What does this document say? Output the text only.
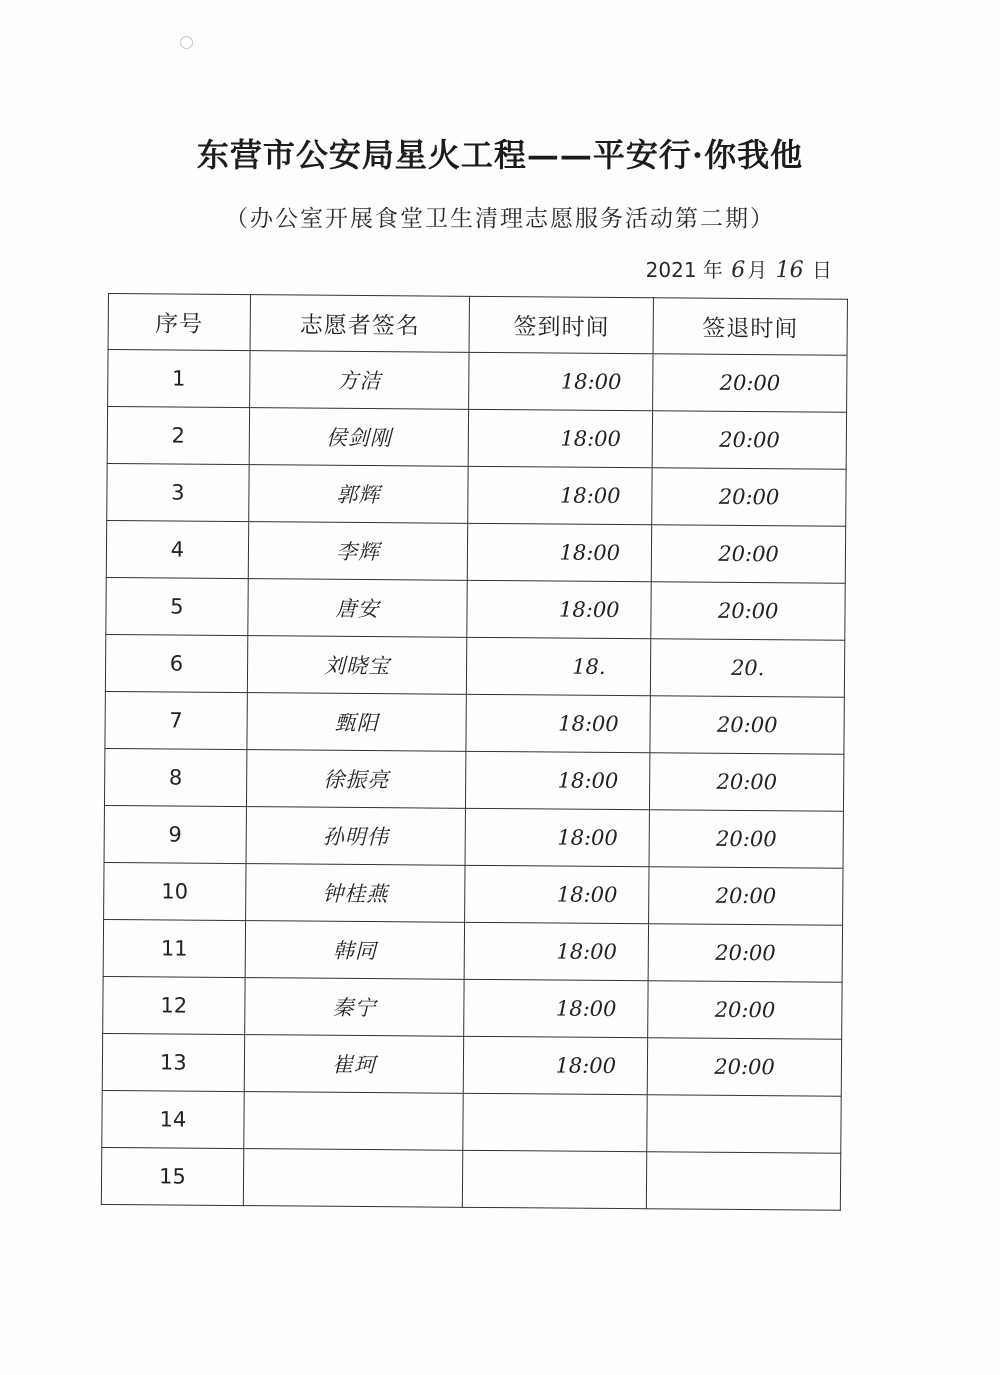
东营市公安局星火工程——平安行·你我他
（办公室开展食堂卫生清理志愿服务活动第二期）
2021 年 6 月 16 日
序号	志愿者签名	签到时间	签退时间
1	方洁	18:00	20:00
2	侯剑刚	18:00	20:00
3	郭辉	18:00	20:00
4	李辉	18:00	20:00
5	唐安	18:00	20:00
6	刘晓宝	18.	20.
7	甄阳	18:00	20:00
8	徐振亮	18:00	20:00
9	孙明伟	18:00	20:00
10	钟桂燕	18:00	20:00
11	韩同	18:00	20:00
12	秦宁	18:00	20:00
13	崔珂	18:00	20:00
14			
15			
